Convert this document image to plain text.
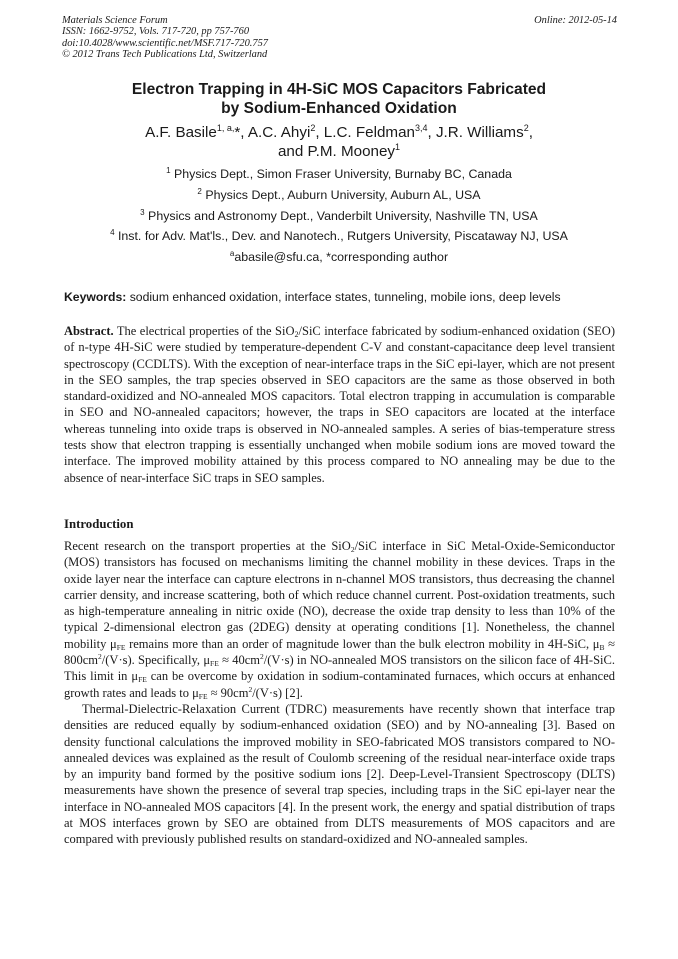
Materials Science Forum	Online: 2012-05-14
ISSN: 1662-9752, Vols. 717-720, pp 757-760
doi:10.4028/www.scientific.net/MSF.717-720.757
© 2012 Trans Tech Publications Ltd, Switzerland
Electron Trapping in 4H-SiC MOS Capacitors Fabricated
by Sodium-Enhanced Oxidation
A.F. Basile$^{1, a,}$*, A.C. Ahyi$^2$, L.C. Feldman$^{3,4}$, J.R. Williams$^2$,
and P.M. Mooney$^1$
$^1$ Physics Dept., Simon Fraser University, Burnaby BC, Canada
$^2$ Physics Dept., Auburn University, Auburn AL, USA
$^3$ Physics and Astronomy Dept., Vanderbilt University, Nashville TN, USA
$^4$ Inst. for Adv. Mat'ls., Dev. and Nanotech., Rutgers University, Piscataway NJ, USA
$^a$abasile@sfu.ca, *corresponding author
Keywords: sodium enhanced oxidation, interface states, tunneling, mobile ions, deep levels

Abstract. The electrical properties of the SiO$_2$/SiC interface fabricated by sodium-enhanced oxidation (SEO) of n-type 4H-SiC were studied by temperature-dependent C-V and constant-capacitance deep level transient spectroscopy (CCDLTS). With the exception of near-interface traps in the SiC epi-layer, which are not present in the SEO samples, the trap species observed in SEO capacitors are the same as those observed in both standard-oxidized and NO-annealed MOS capacitors. Total electron trapping in accumulation is comparable in SEO and NO-annealed capacitors; however, the traps in SEO capacitors are located at the interface whereas tunneling into oxide traps is observed in NO-annealed samples. A series of bias-temperature stress tests show that electron trapping is essentially unchanged when mobile sodium ions are moved toward the interface. The improved mobility attained by this process compared to NO annealing may be due to the absence of near-interface SiC traps in SEO samples.

Introduction

Recent research on the transport properties at the SiO$_2$/SiC interface in SiC Metal-Oxide-Semiconductor (MOS) transistors has focused on mechanisms limiting the channel mobility in these devices. Traps in the oxide layer near the interface can capture electrons in n-channel MOS transistors, thus decreasing the channel carrier density, and increase scattering, both of which reduce channel current. Post-oxidation treatments, such as high-temperature annealing in nitric oxide (NO), decrease the oxide trap density to less than 10% of the typical 2-dimensional electron gas (2DEG) density at operating conditions [1]. Nonetheless, the channel mobility $\mu_{FE}$ remains more than an order of magnitude lower than the bulk electron mobility in 4H-SiC, $\mu_B \approx 800cm^2/(V\cdot s)$. Specifically, $\mu_{FE} \approx 40cm^2/(V\cdot s)$ in NO-annealed MOS transistors on the silicon face of 4H-SiC. This limit in $\mu_{FE}$ can be overcome by oxidation in sodium-contaminated furnaces, which occurs at enhanced growth rates and leads to $\mu_{FE} \approx 90cm^2/(V\cdot s)$ [2].

Thermal-Dielectric-Relaxation Current (TDRC) measurements have recently shown that interface trap densities are reduced equally by sodium-enhanced oxidation (SEO) and by NO-annealing [3]. Based on density functional calculations the improved mobility in SEO-fabricated MOS transistors compared to NO-annealed devices was explained as the result of Coulomb screening of the residual near-interface oxide traps by an impurity band formed by the positive sodium ions [2]. Deep-Level-Transient Spectroscopy (DLTS) measurements have shown the presence of several trap species, including traps in the SiC epi-layer near the interface in NO-annealed MOS capacitors [4]. In the present work, the energy and spatial distribution of traps at MOS interfaces grown by SEO are obtained from DLTS measurements of MOS capacitors and are compared with previously published results on standard-oxidized and NO-annealed samples.
